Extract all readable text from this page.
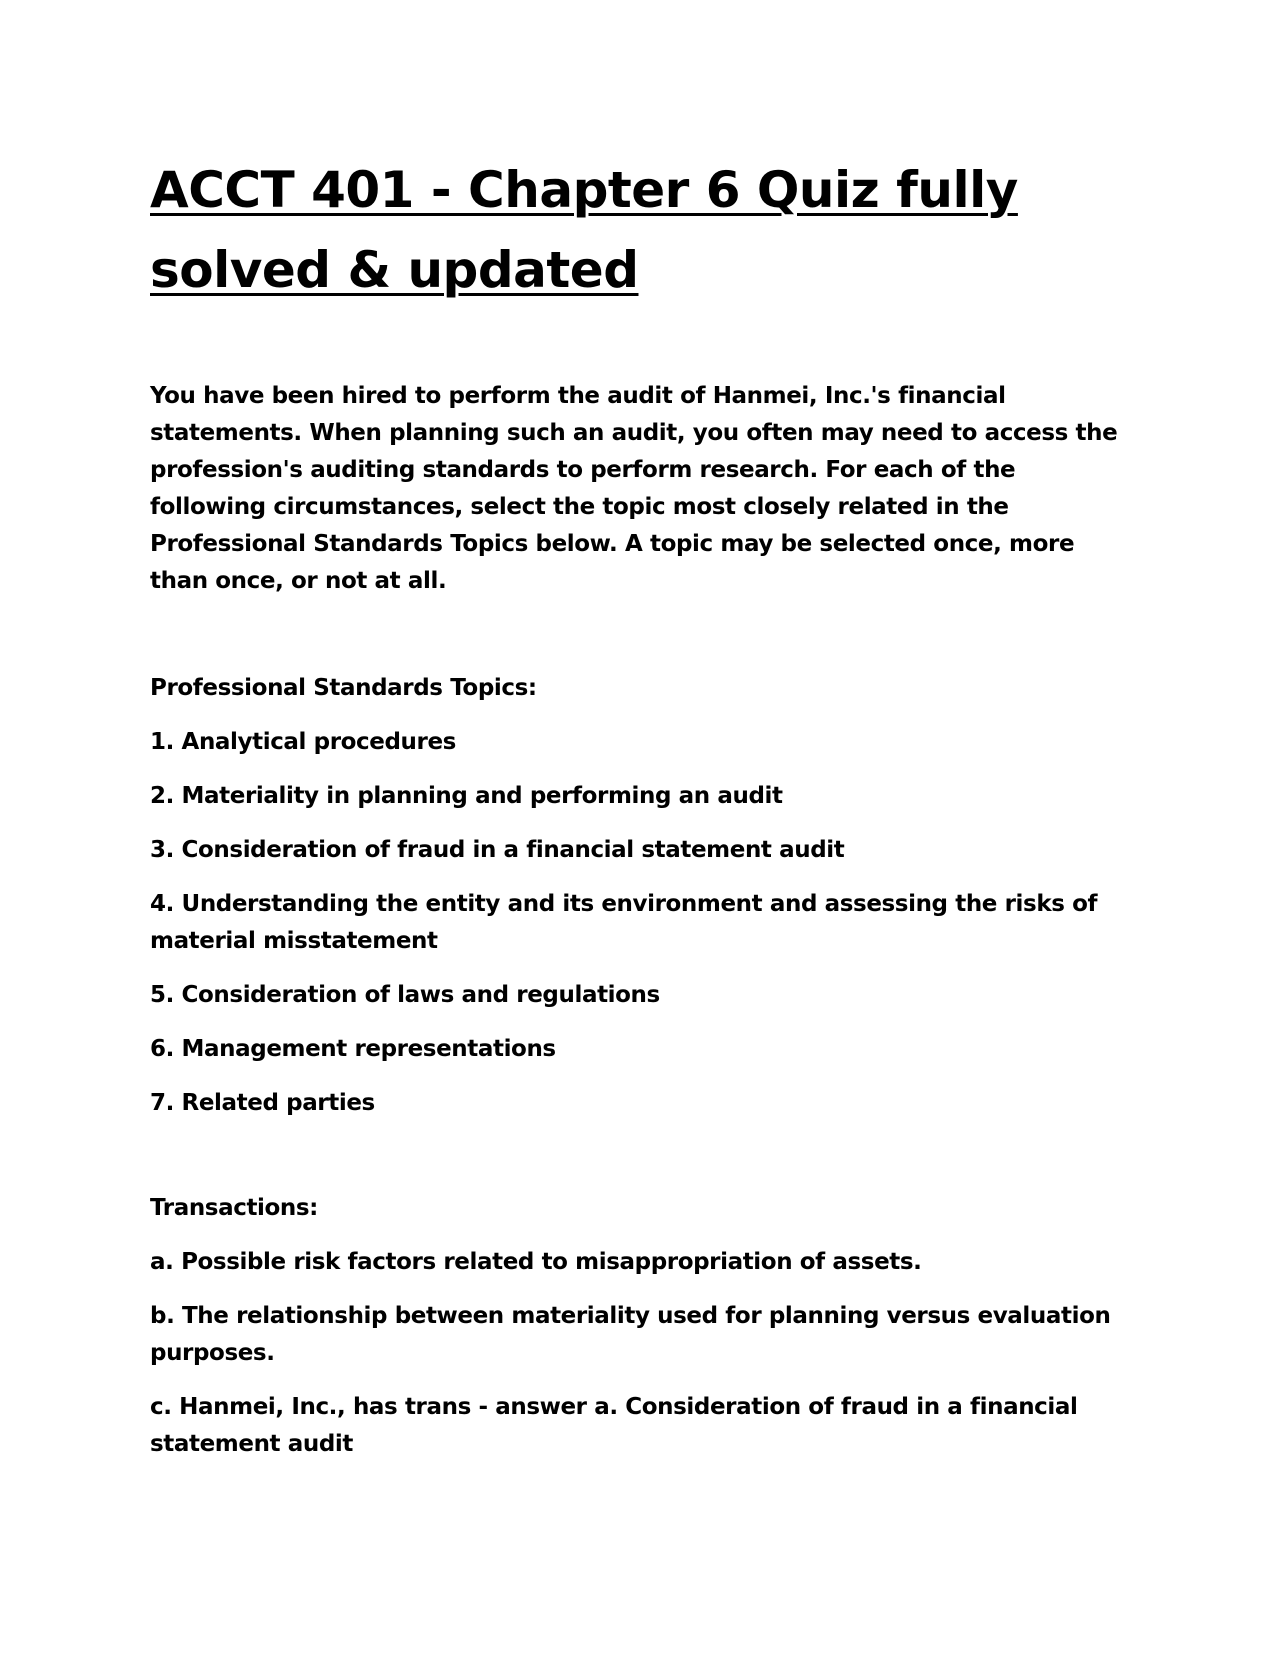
ACCT 401 - Chapter 6 Quiz fully solved & updated

You have been hired to perform the audit of Hanmei, Inc.'s financial statements. When planning such an audit, you often may need to access the profession's auditing standards to perform research. For each of the following circumstances, select the topic most closely related in the Professional Standards Topics below. A topic may be selected once, more than once, or not at all.

Professional Standards Topics:

1. Analytical procedures
2. Materiality in planning and performing an audit
3. Consideration of fraud in a financial statement audit
4. Understanding the entity and its environment and assessing the risks of material misstatement
5. Consideration of laws and regulations
6. Management representations
7. Related parties

Transactions:

a. Possible risk factors related to misappropriation of assets.
b. The relationship between materiality used for planning versus evaluation purposes.
c. Hanmei, Inc., has trans - answer a. Consideration of fraud in a financial statement audit
